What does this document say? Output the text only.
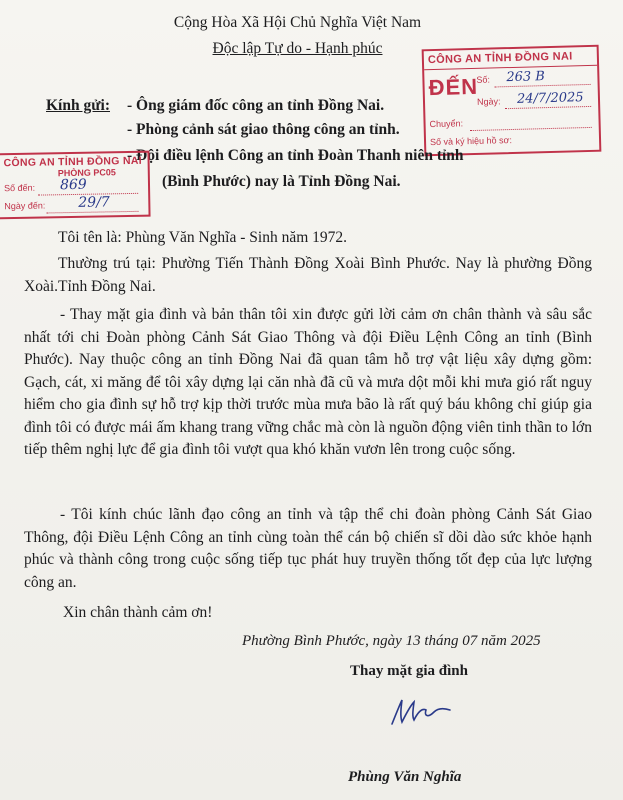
Cộng Hòa Xã Hội Chủ Nghĩa Việt Nam
Độc lập Tự do - Hạnh phúc
CÔNG AN TỈNH ĐỒNG NAI
ĐẾN
Số: 263 B
Ngày: 24/7/2025
Chuyển:
Số và ký hiệu hồ sơ:
Kính gửi: - Ông giám đốc công an tỉnh Đồng Nai.
- Phòng cảnh sát giao thông công an tỉnh.
- Đội điều lệnh Công an tỉnh Đoàn Thanh niên tỉnh
(Bình Phước) nay là Tỉnh Đồng Nai.
CÔNG AN TỈNH ĐỒNG NAI
PHÒNG PC05
Số đến: 869
Ngày đến: 29/7
Tôi tên là: Phùng Văn Nghĩa - Sinh năm 1972.
Thường trú tại: Phường Tiến Thành Đồng Xoài Bình Phước. Nay là phường Đồng Xoài.Tỉnh Đồng Nai.
- Thay mặt gia đình và bản thân tôi xin được gửi lời cảm ơn chân thành và sâu sắc nhất tới chi Đoàn phòng Cảnh Sát Giao Thông và đội Điều Lệnh Công an tỉnh (Bình Phước). Nay thuộc công an tỉnh Đồng Nai đã quan tâm hỗ trợ vật liệu xây dựng gồm: Gạch, cát, xi măng để tôi xây dựng lại căn nhà đã cũ và mưa dột mỗi khi mưa gió rất nguy hiểm cho gia đình sự hỗ trợ kịp thời trước mùa mưa bão là rất quý báu không chỉ giúp gia đình tôi có được mái ấm khang trang vững chắc mà còn là nguồn động viên tinh thần to lớn tiếp thêm nghị lực để gia đình tôi vượt qua khó khăn vươn lên trong cuộc sống.
- Tôi kính chúc lãnh đạo công an tỉnh và tập thể chi đoàn phòng Cảnh Sát Giao Thông, đội Điều Lệnh Công an tỉnh cùng toàn thể cán bộ chiến sĩ dồi dào sức khỏe hạnh phúc và thành công trong cuộc sống tiếp tục phát huy truyền thống tốt đẹp của lực lượng công an.
Xin chân thành cảm ơn!
Phường Bình Phước, ngày 13 tháng 07 năm 2025
Thay mặt gia đình
Phùng Văn Nghĩa
